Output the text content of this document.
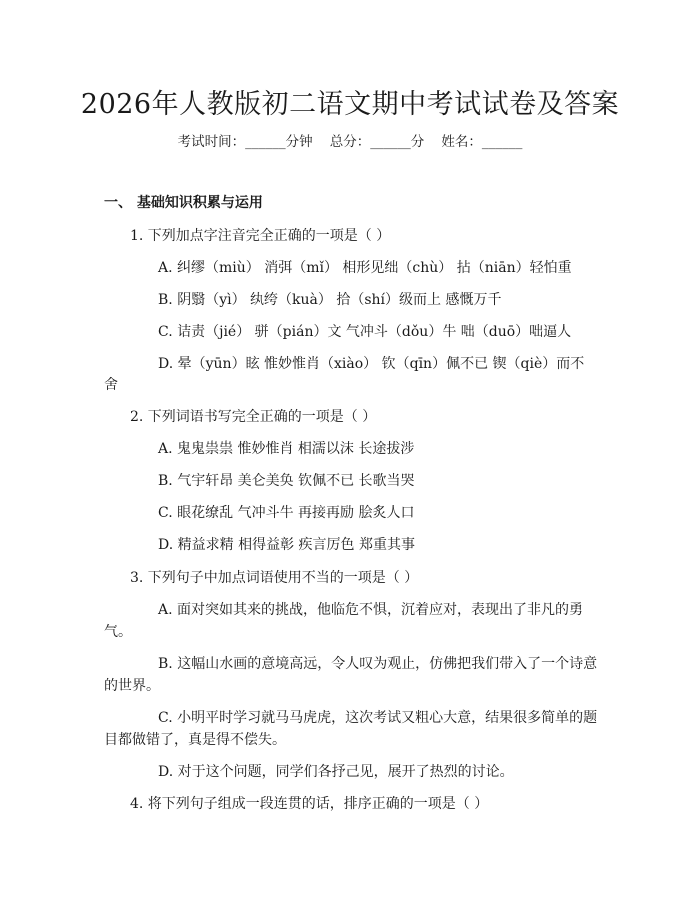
2026年人教版初二语文期中考试试卷及答案
考试时间：______分钟    总分：______分    姓名：______
一、 基础知识积累与运用
1. 下列加点字注音完全正确的一项是（ ）
A. 纠缪（miù） 消弭（mǐ） 相形见绌（chù） 拈（niān）轻怕重
B. 阴翳（yì） 纨绔（kuà） 拾（shí）级而上 感慨万千
C. 诘责（jié） 骈（pián）文 气冲斗（dǒu）牛 咄（duō）咄逼人
D. 晕（yūn）眩 惟妙惟肖（xiào） 钦（qīn）佩不已 锲（qiè）而不
舍
2. 下列词语书写完全正确的一项是（ ）
A. 鬼鬼祟祟 惟妙惟肖 相濡以沫 长途拔涉
B. 气宇轩昂 美仑美奂 钦佩不已 长歌当哭
C. 眼花缭乱 气冲斗牛 再接再励 脍炙人口
D. 精益求精 相得益彰 疾言厉色 郑重其事
3. 下列句子中加点词语使用不当的一项是（ ）
A. 面对突如其来的挑战，他临危不惧，沉着应对，表现出了非凡的勇
气。
B. 这幅山水画的意境高远，令人叹为观止，仿佛把我们带入了一个诗意
的世界。
C. 小明平时学习就马马虎虎，这次考试又粗心大意，结果很多简单的题
目都做错了，真是得不偿失。
D. 对于这个问题，同学们各抒己见，展开了热烈的讨论。
4. 将下列句子组成一段连贯的话，排序正确的一项是（ ）
